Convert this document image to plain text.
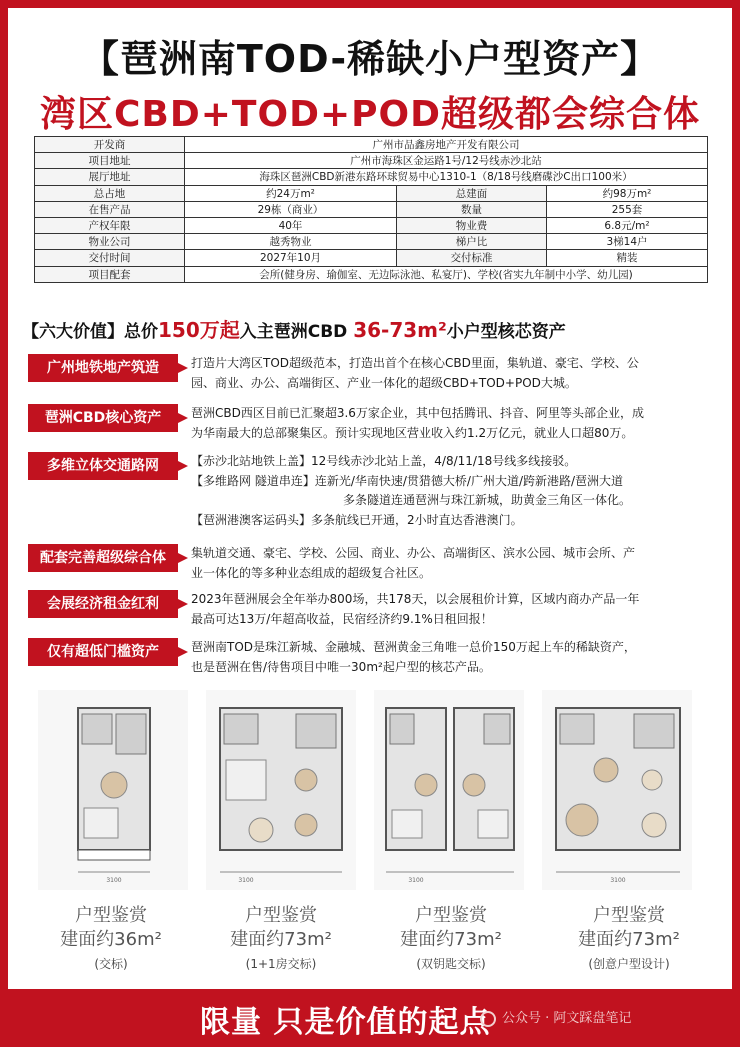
【琶洲南TOD-稀缺小户型资产】
湾区CBD+TOD+POD超级都会综合体
开发商	广州市品鑫房地产开发有限公司		
项目地址	广州市海珠区金运路1号/12号线赤沙北站		
展厅地址	海珠区琶洲CBD新港东路环球贸易中心1310-1（8/18号线磨碟沙C出口100米）		
总占地	约24万m²	总建面	约98万m²
在售产品	29栋（商业）	数量	255套
产权年限	40年	物业费	6.8元/m²
物业公司	越秀物业	梯户比	3梯14户
交付时间	2027年10月	交付标准	精装
项目配套	会所(健身房、瑜伽室、无边际泳池、私宴厅)、学校(省实九年制中小学、幼儿园)		
【六大价值】总价150万起入主琶洲CBD 36-73m²小户型核芯资产
广州地铁地产筑造	打造片大湾区TOD超级范本，打造出首个在核心CBD里面，集轨道、豪宅、学校、公
园、商业、办公、高端街区、产业一体化的超级CBD+TOD+POD大城。
琶洲CBD核心资产	琶洲CBD西区目前已汇聚超3.6万家企业，其中包括腾讯、抖音、阿里等头部企业，成
为华南最大的总部聚集区。预计实现地区营业收入约1.2万亿元，就业人口超80万。
多维立体交通路网	【赤沙北站地铁上盖】12号线赤沙北站上盖，4/8/11/18号线多线接驳。
【多维路网 隧道串连】连新光/华南快速/贯猎德大桥/广州大道/跨新港路/琶洲大道
多条隧道连通琶洲与珠江新城，助黄金三角区一体化。
【琶洲港澳客运码头】多条航线已开通，2小时直达香港澳门。
配套完善超级综合体	集轨道交通、豪宅、学校、公园、商业、办公、高端街区、滨水公园、城市会所、产
业一体化的等多种业态组成的超级复合社区。
会展经济租金红利	2023年琶洲展会全年举办800场，共178天，以会展租价计算，区域内商办产品一年
最高可达13万/年超高收益，民宿经济约9.1%日租回报！
仅有超低门槛资产	琶洲南TOD是珠江新城、金融城、琶洲黄金三角唯一总价150万起上车的稀缺资产，
也是琶洲在售/待售项目中唯一30m²起户型的核芯产品。
3100	3100	3100	3100
户型鉴赏
建面约36m²
(交标)
户型鉴赏
建面约73m²
(1+1房交标)
户型鉴赏
建面约73m²
(双钥匙交标)
户型鉴赏
建面约73m²
(创意户型设计)
限量 只是价值的起点 公众号 · 阿文踩盘笔记
